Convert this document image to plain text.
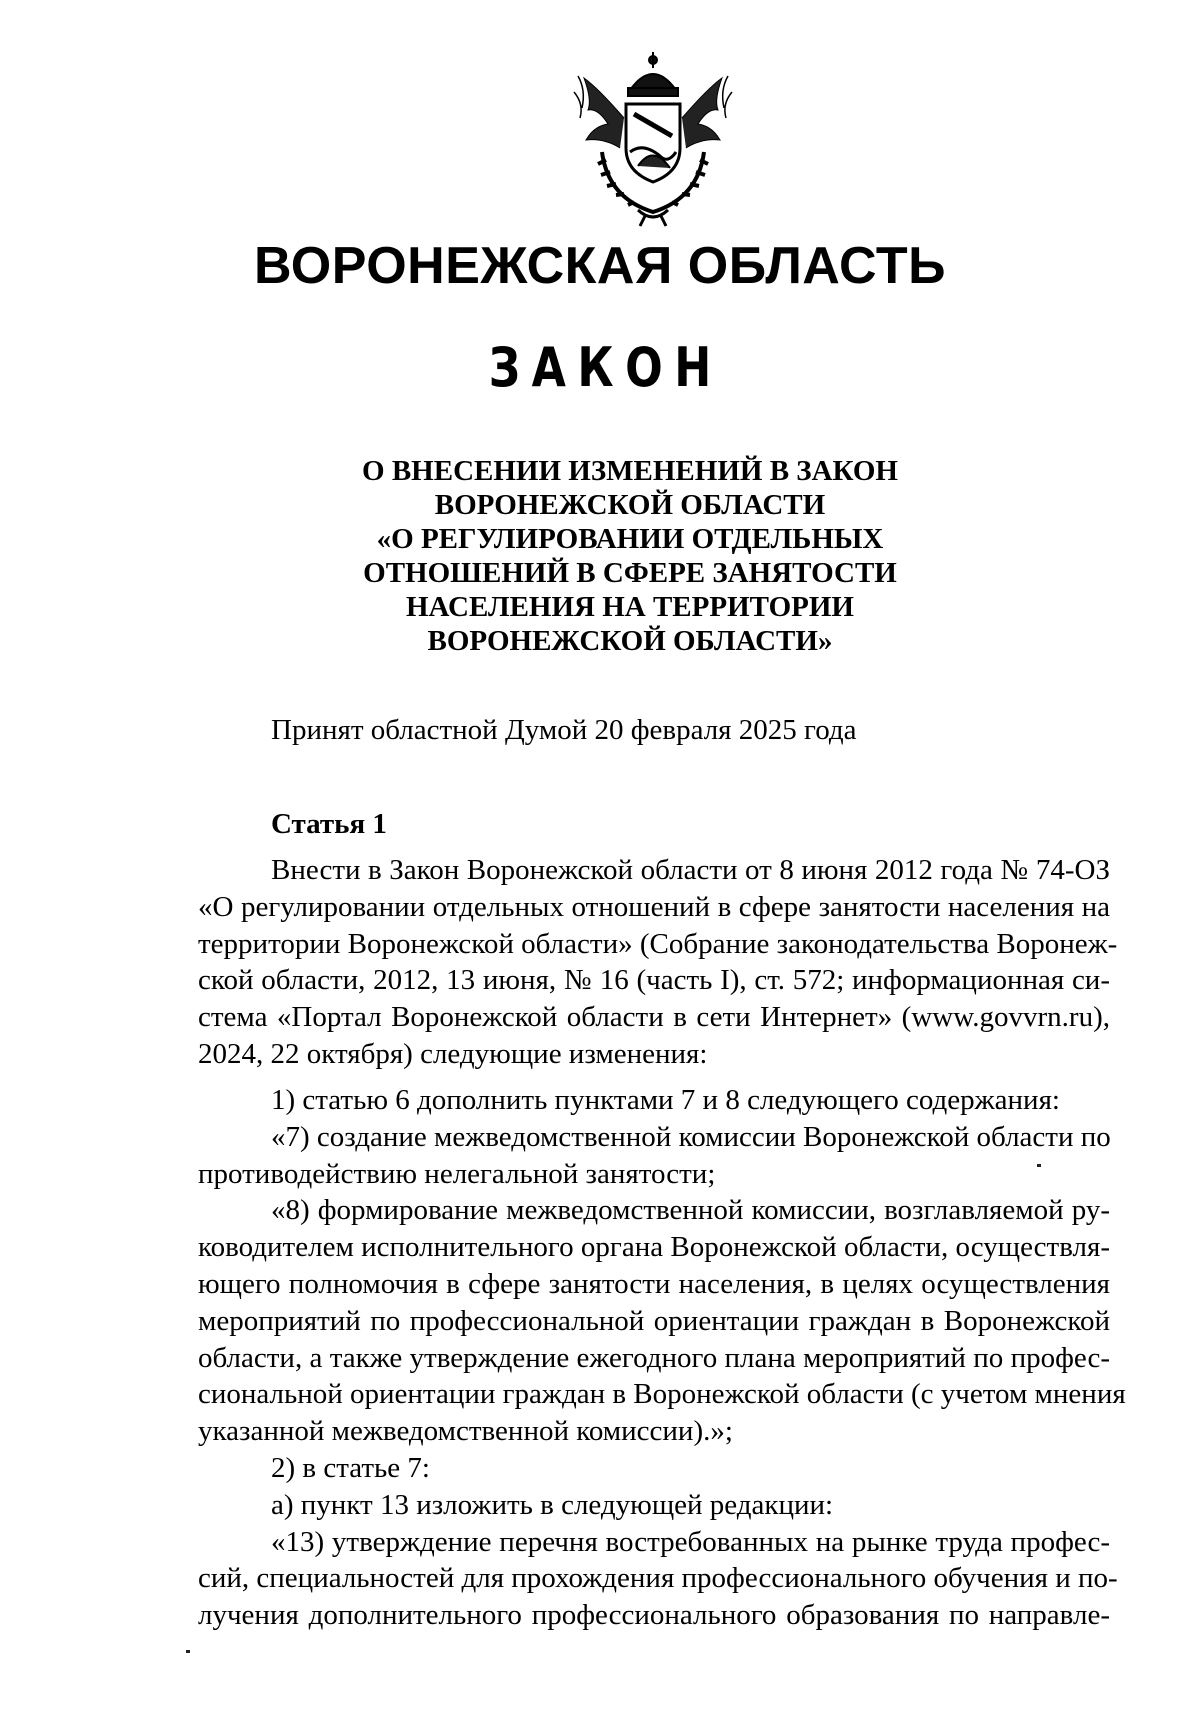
ВОРОНЕЖСКАЯ ОБЛАСТЬ
ЗАКОН
О ВНЕСЕНИИ ИЗМЕНЕНИЙ В ЗАКОН
ВОРОНЕЖСКОЙ ОБЛАСТИ
«О РЕГУЛИРОВАНИИ ОТДЕЛЬНЫХ
ОТНОШЕНИЙ В СФЕРЕ ЗАНЯТОСТИ
НАСЕЛЕНИЯ НА ТЕРРИТОРИИ
ВОРОНЕЖСКОЙ ОБЛАСТИ»
Принят областной Думой 20 февраля 2025 года
Статья 1
Внести в Закон Воронежской области от 8 июня 2012 года № 74-ОЗ
«О регулировании отдельных отношений в сфере занятости населения на
территории Воронежской области» (Собрание законодательства Воронеж-
ской области, 2012, 13 июня, № 16 (часть I), ст. 572; информационная си-
стема «Портал Воронежской области в сети Интернет» (www.govvrn.ru),
2024, 22 октября) следующие изменения:
1) статью 6 дополнить пунктами 7 и 8 следующего содержания:
«7) создание межведомственной комиссии Воронежской области по
противодействию нелегальной занятости;
«8) формирование межведомственной комиссии, возглавляемой ру-
ководителем исполнительного органа Воронежской области, осуществля-
ющего полномочия в сфере занятости населения, в целях осуществления
мероприятий по профессиональной ориентации граждан в Воронежской
области, а также утверждение ежегодного плана мероприятий по профес-
сиональной ориентации граждан в Воронежской области (с учетом мнения
указанной межведомственной комиссии).»;
2) в статье 7:
а) пункт 13 изложить в следующей редакции:
«13) утверждение перечня востребованных на рынке труда профес-
сий, специальностей для прохождения профессионального обучения и по-
лучения дополнительного профессионального образования по направле-
